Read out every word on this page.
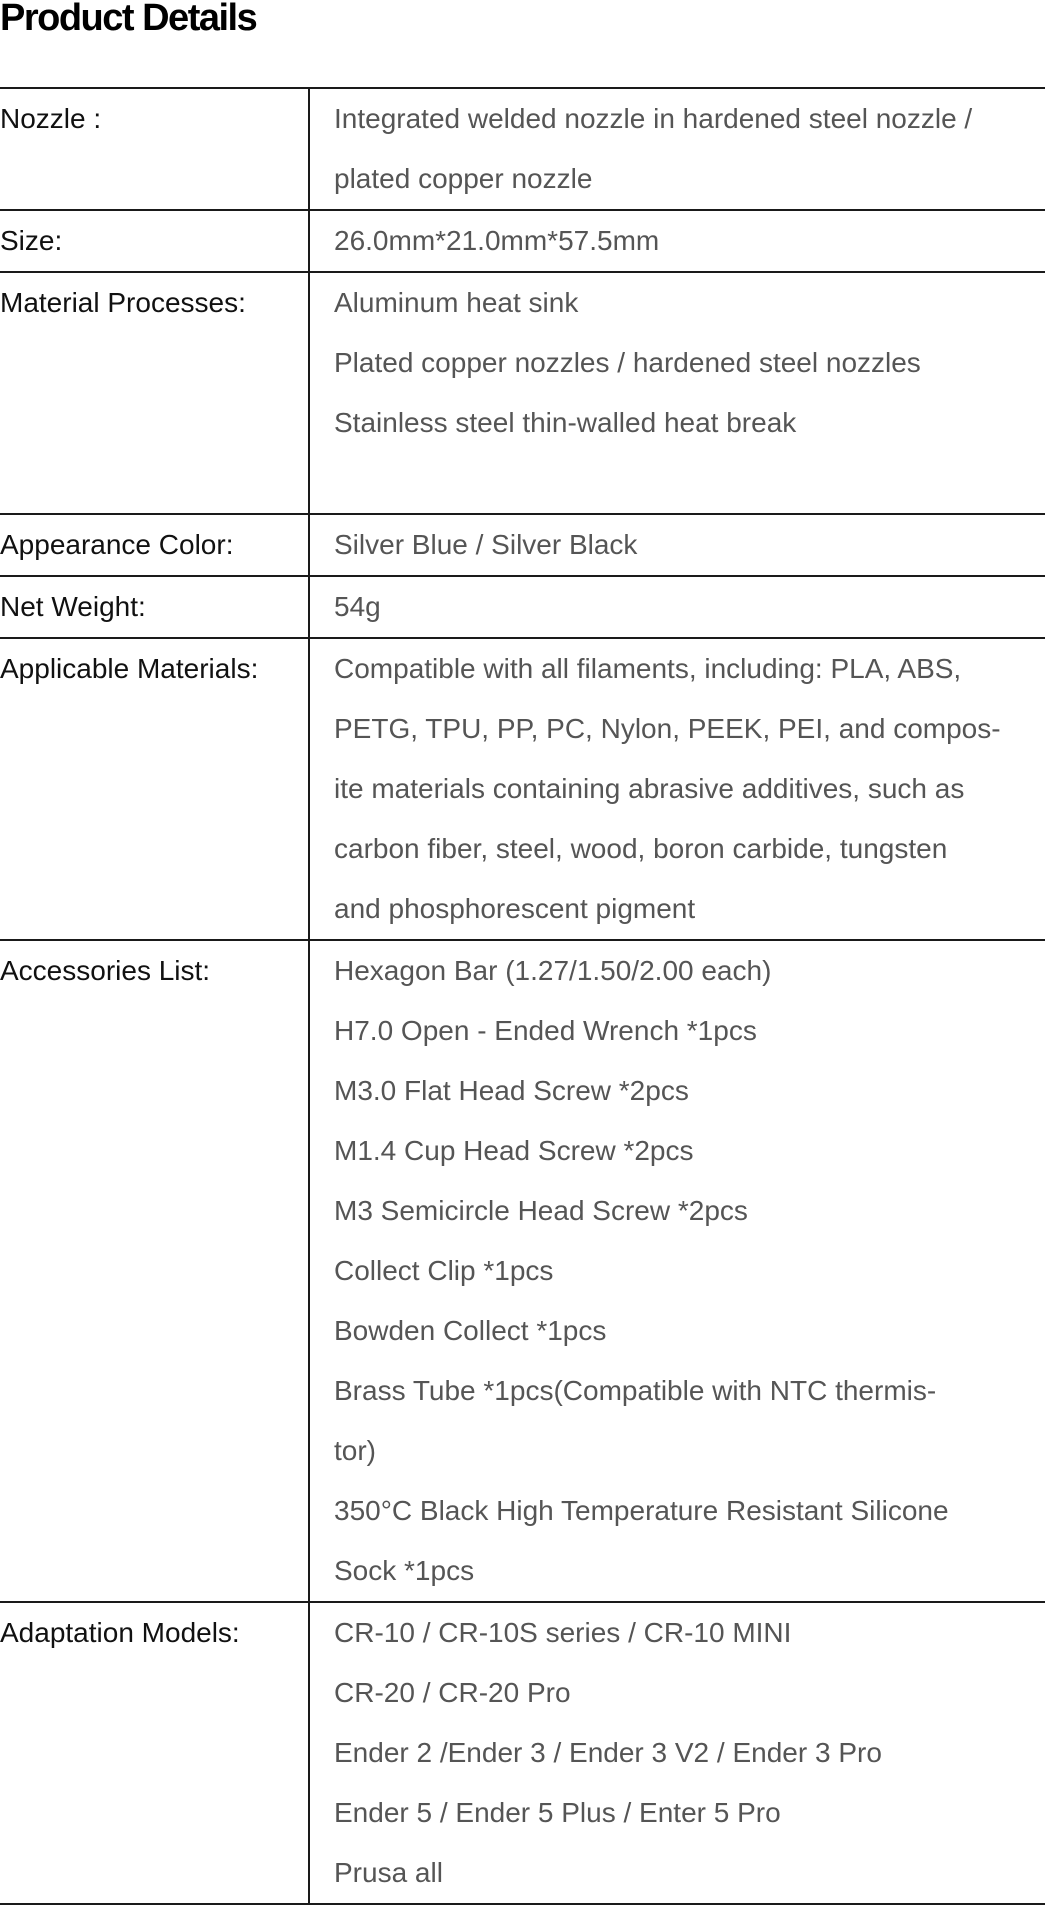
Product Details
Nozzle :	Integrated welded nozzle in hardened steel nozzle /
plated copper nozzle
Size:	26.0mm*21.0mm*57.5mm
Material Processes:	Aluminum heat sink
Plated copper nozzles / hardened steel nozzles
Stainless steel thin-walled heat break
Appearance Color:	Silver Blue / Silver Black
Net Weight:	54g
Applicable Materials:	Compatible with all filaments, including: PLA, ABS,
PETG, TPU, PP, PC, Nylon, PEEK, PEI, and compos-
ite materials containing abrasive additives, such as
carbon fiber, steel, wood, boron carbide, tungsten
and phosphorescent pigment
Accessories List:	Hexagon Bar (1.27/1.50/2.00 each)
H7.0 Open - Ended Wrench *1pcs
M3.0 Flat Head Screw *2pcs
M1.4 Cup Head Screw *2pcs
M3 Semicircle Head Screw *2pcs
Collect Clip *1pcs
Bowden Collect *1pcs
Brass Tube *1pcs(Compatible with NTC thermis-
tor)
350°C Black High Temperature Resistant Silicone
Sock *1pcs
Adaptation Models:	CR-10 / CR-10S series / CR-10 MINI
CR-20 / CR-20 Pro
Ender 2 /Ender 3 / Ender 3 V2 / Ender 3 Pro
Ender 5 / Ender 5 Plus / Enter 5 Pro
Prusa all
